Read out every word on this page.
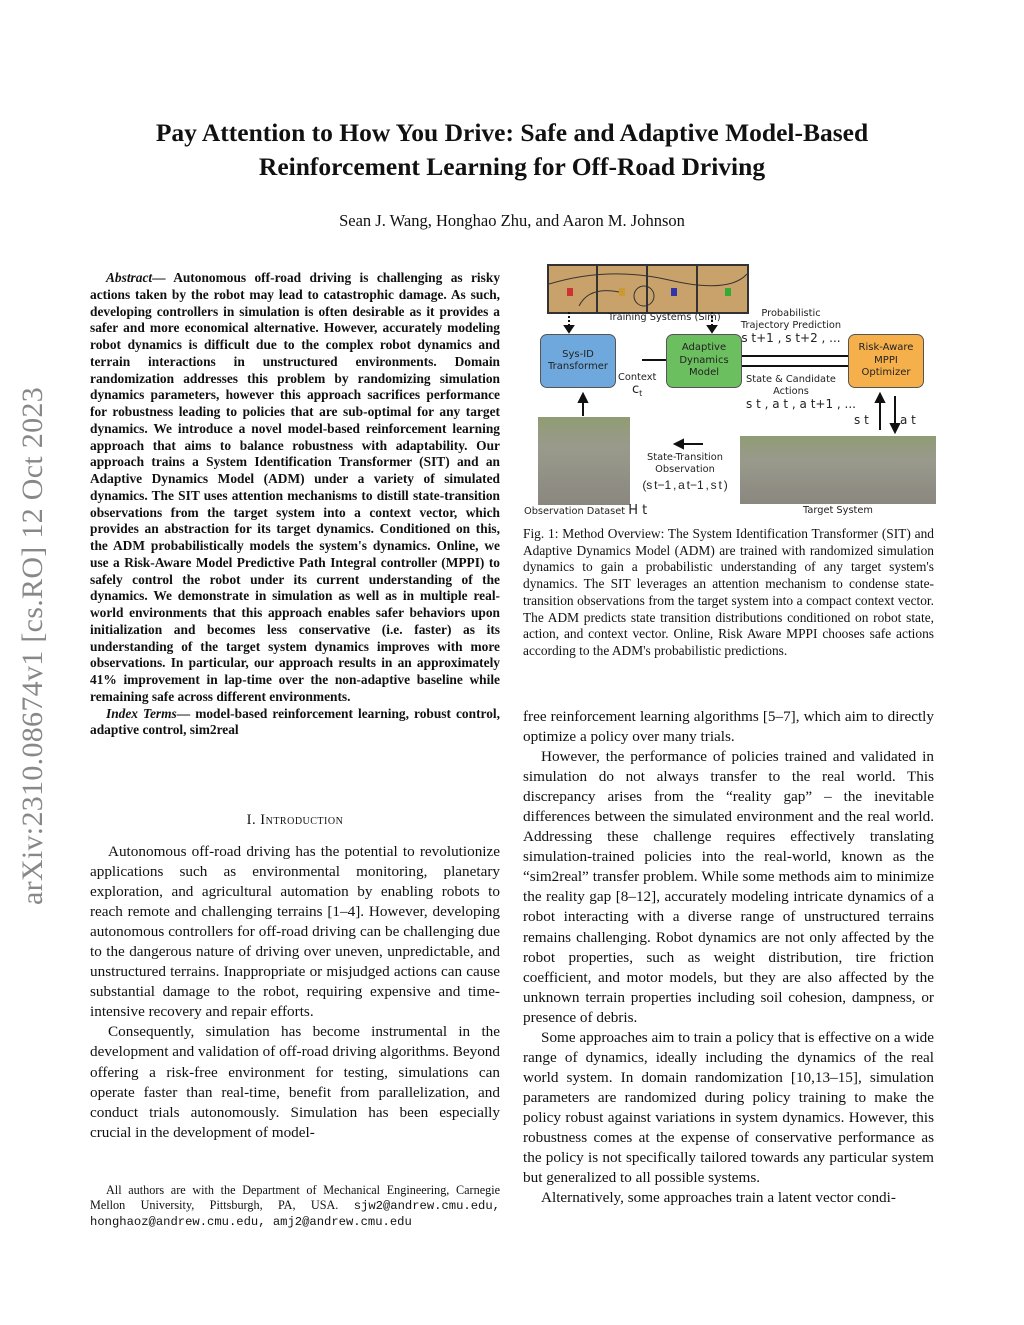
arXiv:2310.08674v1 [cs.RO] 12 Oct 2023
Pay Attention to How You Drive: Safe and Adaptive Model-Based
Reinforcement Learning for Off-Road Driving
Sean J. Wang, Honghao Zhu, and Aaron M. Johnson

Abstract— Autonomous off-road driving is challenging as risky actions taken by the robot may lead to catastrophic damage. As such, developing controllers in simulation is often desirable as it provides a safer and more economical alternative. However, accurately modeling robot dynamics is difficult due to the complex robot dynamics and terrain interactions in unstructured environments. Domain randomization addresses this problem by randomizing simulation dynamics parameters, however this approach sacrifices performance for robustness leading to policies that are sub-optimal for any target dynamics. We introduce a novel model-based reinforcement learning approach that aims to balance robustness with adaptability. Our approach trains a System Identification Transformer (SIT) and an Adaptive Dynamics Model (ADM) under a variety of simulated dynamics. The SIT uses attention mechanisms to distill state-transition observations from the target system into a context vector, which provides an abstraction for its target dynamics. Conditioned on this, the ADM probabilistically models the system's dynamics. Online, we use a Risk-Aware Model Predictive Path Integral controller (MPPI) to safely control the robot under its current understanding of the dynamics. We demonstrate in simulation as well as in multiple real-world environments that this approach enables safer behaviors upon initialization and becomes less conservative (i.e. faster) as its understanding of the target system dynamics improves with more observations. In particular, our approach results in an approximately 41% improvement in lap-time over the non-adaptive baseline while remaining safe across different environments.

Index Terms— model-based reinforcement learning, robust control, adaptive control, sim2real

I. Introduction

Autonomous off-road driving has the potential to revolutionize applications such as environmental monitoring, planetary exploration, and agricultural automation by enabling robots to reach remote and challenging terrains [1–4]. However, developing autonomous controllers for off-road driving can be challenging due to the dangerous nature of driving over uneven, unpredictable, and unstructured terrains. Inappropriate or misjudged actions can cause substantial damage to the robot, requiring expensive and time-intensive recovery and repair efforts.

Consequently, simulation has become instrumental in the development and validation of off-road driving algorithms. Beyond offering a risk-free environment for testing, simulations can operate faster than real-time, benefit from parallelization, and conduct trials autonomously. Simulation has been especially crucial in the development of model-

All authors are with the Department of Mechanical Engineering, Carnegie Mellon University, Pittsburgh, PA, USA. sjw2@andrew.cmu.edu, honghaoz@andrew.cmu.edu, amj2@andrew.cmu.edu

Training Systems (Sim)
Sys-ID Transformer
Adaptive Dynamics Model
Risk-Aware MPPI Optimizer
Context
$c_t$
Probabilistic Trajectory Prediction
s t+1 , s t+2 , ...
State & Candidate Actions
s t , a t , a t+1 , ...
s t	a t
Observation Dataset H t	Target System
State-Transition Observation
(s t−1 , a t−1 , s t )
Fig. 1: Method Overview: The System Identification Transformer (SIT) and Adaptive Dynamics Model (ADM) are trained with randomized simulation dynamics to gain a probabilistic understanding of any target system's dynamics. The SIT leverages an attention mechanism to condense state-transition observations from the target system into a compact context vector. The ADM predicts state transition distributions conditioned on robot state, action, and context vector. Online, Risk Aware MPPI chooses safe actions according to the ADM's probabilistic predictions.

free reinforcement learning algorithms [5–7], which aim to directly optimize a policy over many trials.

However, the performance of policies trained and validated in simulation do not always transfer to the real world. This discrepancy arises from the “reality gap” – the inevitable differences between the simulated environment and the real world. Addressing these challenge requires effectively translating simulation-trained policies into the real-world, known as the “sim2real” transfer problem. While some methods aim to minimize the reality gap [8–12], accurately modeling intricate dynamics of a robot interacting with a diverse range of unstructured terrains remains challenging. Robot dynamics are not only affected by the robot properties, such as weight distribution, tire friction coefficient, and motor models, but they are also affected by the unknown terrain properties including soil cohesion, dampness, or presence of debris.

Some approaches aim to train a policy that is effective on a wide range of dynamics, ideally including the dynamics of the real world system. In domain randomization [10,13–15], simulation parameters are randomized during policy training to make the policy robust against variations in system dynamics. However, this robustness comes at the expense of conservative performance as the policy is not specifically tailored towards any particular system but generalized to all possible systems.

Alternatively, some approaches train a latent vector condi-
